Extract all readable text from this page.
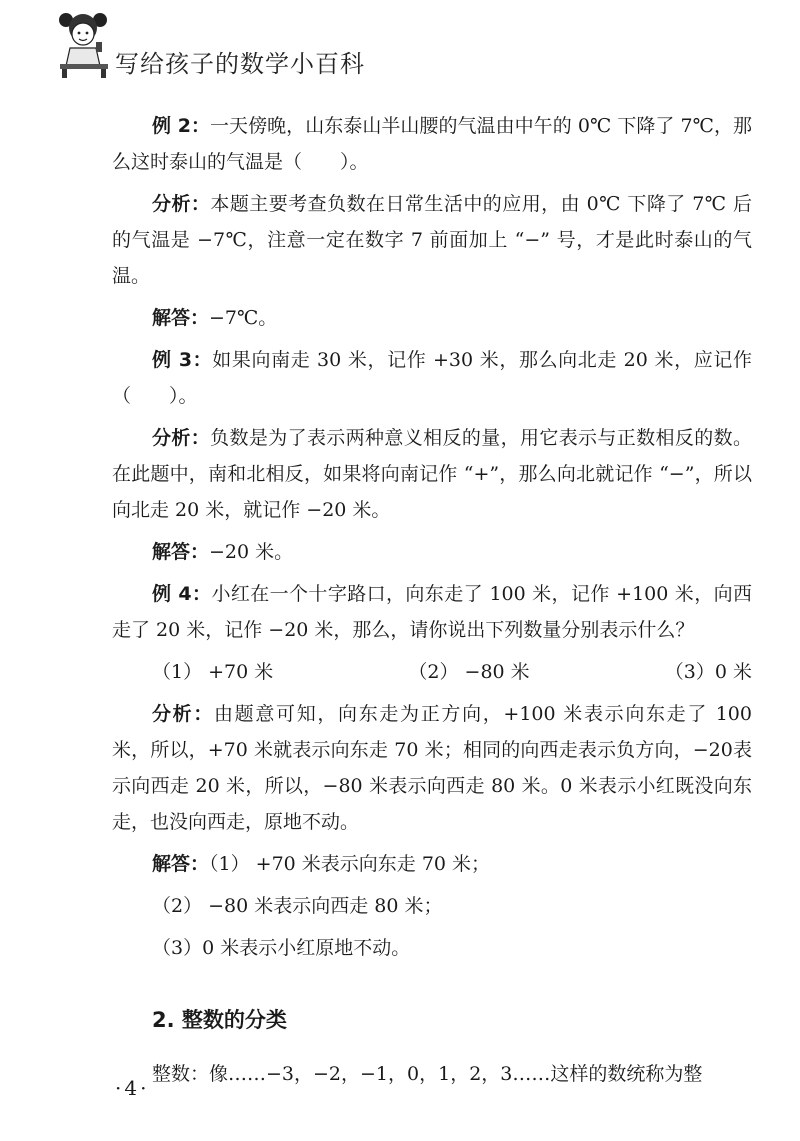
写给孩子的数学小百科

例 2：一天傍晚，山东泰山半山腰的气温由中午的 0℃ 下降了 7℃，那么这时泰山的气温是（　　）。

分析：本题主要考查负数在日常生活中的应用，由 0℃ 下降了 7℃ 后的气温是 −7℃，注意一定在数字 7 前面加上 “−” 号，才是此时泰山的气温。

解答：−7℃。

例 3：如果向南走 30 米，记作 +30 米，那么向北走 20 米，应记作（　　）。

分析：负数是为了表示两种意义相反的量，用它表示与正数相反的数。在此题中，南和北相反，如果将向南记作 “+”，那么向北就记作 “−”，所以向北走 20 米，就记作 −20 米。

解答：−20 米。

例 4：小红在一个十字路口，向东走了 100 米，记作 +100 米，向西走了 20 米，记作 −20 米，那么，请你说出下列数量分别表示什么？

（1） +70 米	（2） −80 米	（3）0 米

分析：由题意可知，向东走为正方向，+100 米表示向东走了 100 米，所以，+70 米就表示向东走 70 米；相同的向西走表示负方向，−20表示向西走 20 米，所以，−80 米表示向西走 80 米。0 米表示小红既没向东走，也没向西走，原地不动。

解答：（1） +70 米表示向东走 70 米；

（2） −80 米表示向西走 80 米；

（3）0 米表示小红原地不动。

2. 整数的分类

整数：像……−3，−2，−1，0，1，2，3……这样的数统称为整

·4·
